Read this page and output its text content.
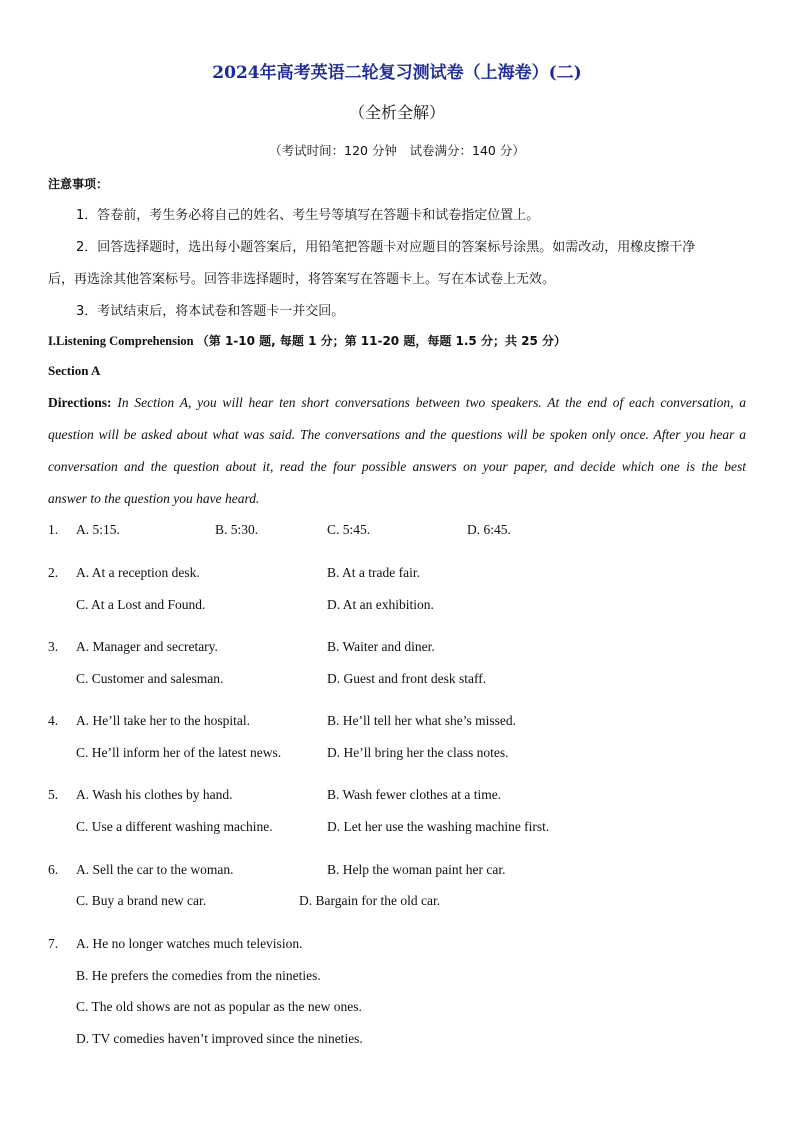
2024年高考英语二轮复习测试卷（上海卷）(二)
（全析全解）
（考试时间：120 分钟　试卷满分：140 分）
注意事项：
1．答卷前，考生务必将自己的姓名、考生号等填写在答题卡和试卷指定位置上。
2．回答选择题时，选出每小题答案后，用铅笔把答题卡对应题目的答案标号涂黑。如需改动，用橡皮擦干净
后，再选涂其他答案标号。回答非选择题时，将答案写在答题卡上。写在本试卷上无效。
3．考试结束后，将本试卷和答题卡一并交回。
I.Listening Comprehension （第 1-10 题, 每题 1 分；第 11-20 题，每题 1.5 分；共 25 分）
Section A
Directions: In Section A, you will hear ten short conversations between two speakers. At the end of each conversation, a
question will be asked about what was said. The conversations and the questions will be spoken only once. After you hear a
conversation and the question about it, read the four possible answers on your paper, and decide which one is the best
answer to the question you have heard.
1. A. 5:15.	B. 5:30.	C. 5:45.	D. 6:45.
2. A. At a reception desk.	B. At a trade fair.
C. At a Lost and Found.	D. At an exhibition.
3. A. Manager and secretary.	B. Waiter and diner.
C. Customer and salesman.	D. Guest and front desk staff.
4. A. He’ll take her to the hospital.	B. He’ll tell her what she’s missed.
C. He’ll inform her of the latest news.	D. He’ll bring her the class notes.
5. A. Wash his clothes by hand.	B. Wash fewer clothes at a time.
C. Use a different washing machine.	D. Let her use the washing machine first.
6. A. Sell the car to the woman.	B. Help the woman paint her car.
C. Buy a brand new car.	D. Bargain for the old car.
7. A. He no longer watches much television.
B. He prefers the comedies from the nineties.
C. The old shows are not as popular as the new ones.
D. TV comedies haven’t improved since the nineties.
